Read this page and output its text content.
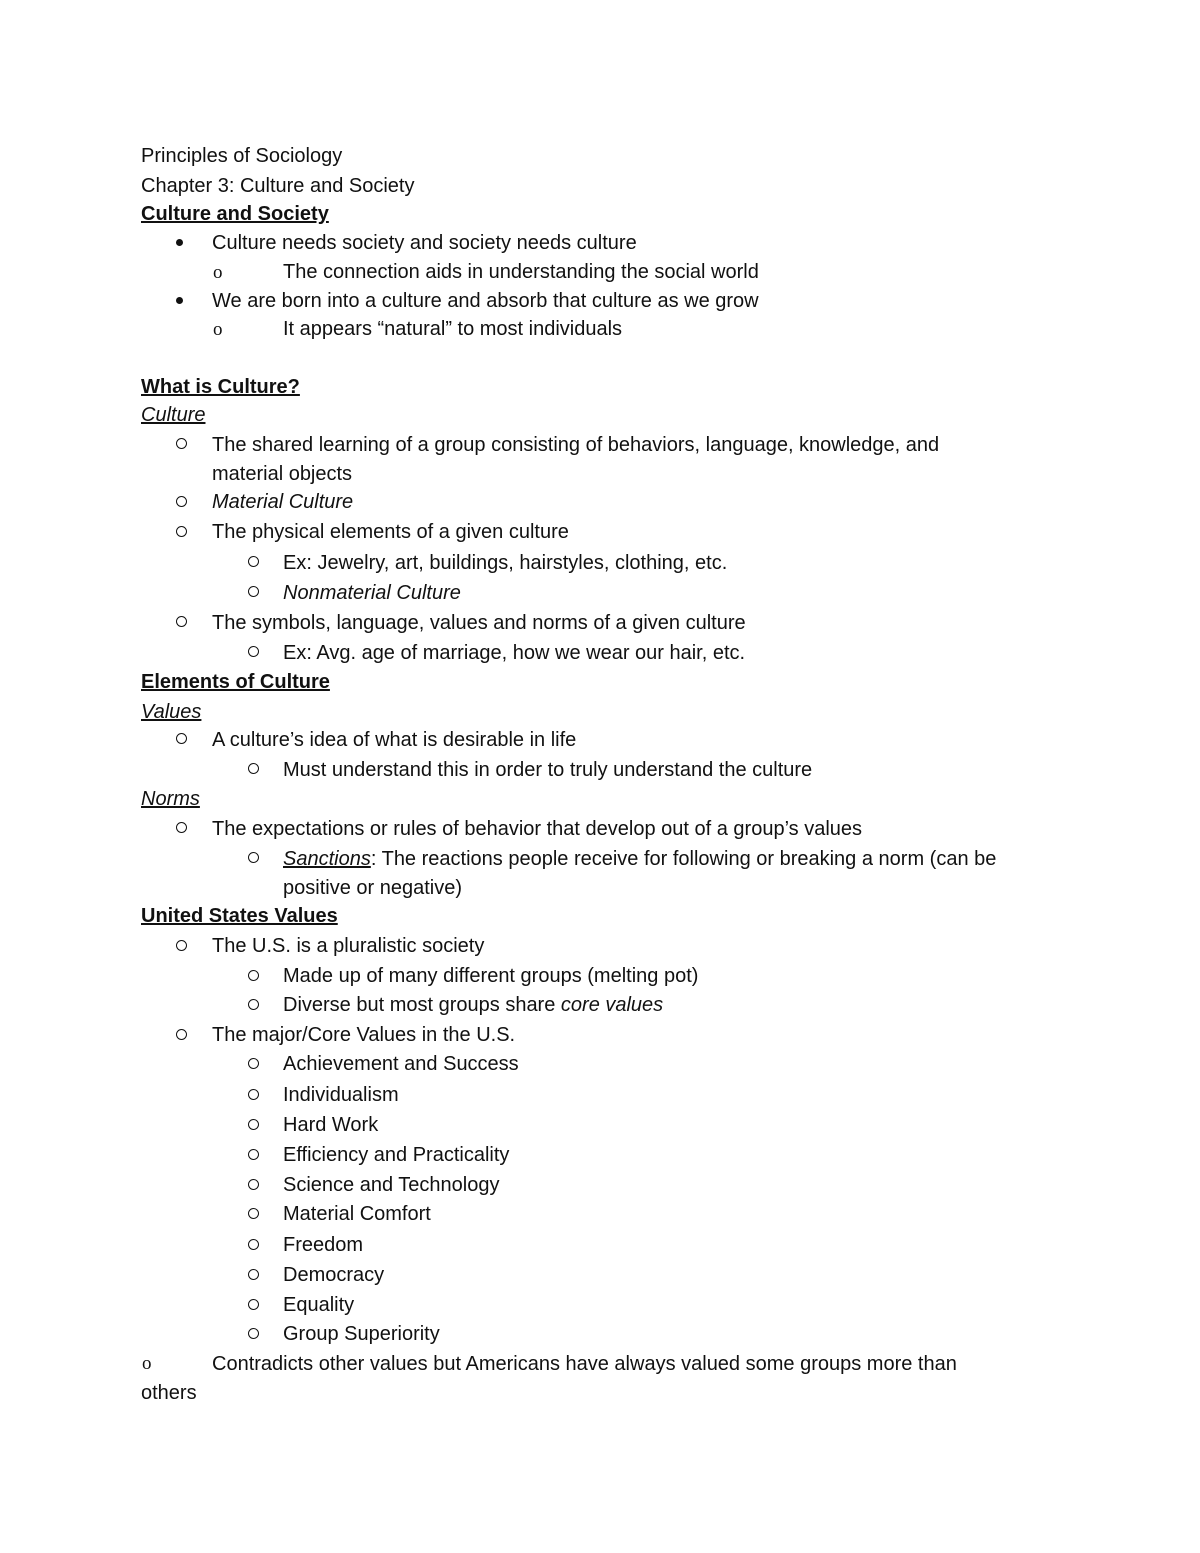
Principles of Sociology
Chapter 3: Culture and Society
Culture and Society
Culture needs society and society needs culture
o	The connection aids in understanding the social world
We are born into a culture and absorb that culture as we grow
o	It appears “natural” to most individuals
What is Culture?
Culture
The shared learning of a group consisting of behaviors, language, knowledge, and
material objects
Material Culture
The physical elements of a given culture
Ex: Jewelry, art, buildings, hairstyles, clothing, etc.
Nonmaterial Culture
The symbols, language, values and norms of a given culture
Ex: Avg. age of marriage, how we wear our hair, etc.
Elements of Culture
Values
A culture’s idea of what is desirable in life
Must understand this in order to truly understand the culture
Norms
The expectations or rules of behavior that develop out of a group’s values
Sanctions: The reactions people receive for following or breaking a norm (can be
positive or negative)
United States Values
The U.S. is a pluralistic society
Made up of many different groups (melting pot)
Diverse but most groups share core values
The major/Core Values in the U.S.
Achievement and Success
Individualism
Hard Work
Efficiency and Practicality
Science and Technology
Material Comfort
Freedom
Democracy
Equality
Group Superiority
o	Contradicts other values but Americans have always valued some groups more than
others
